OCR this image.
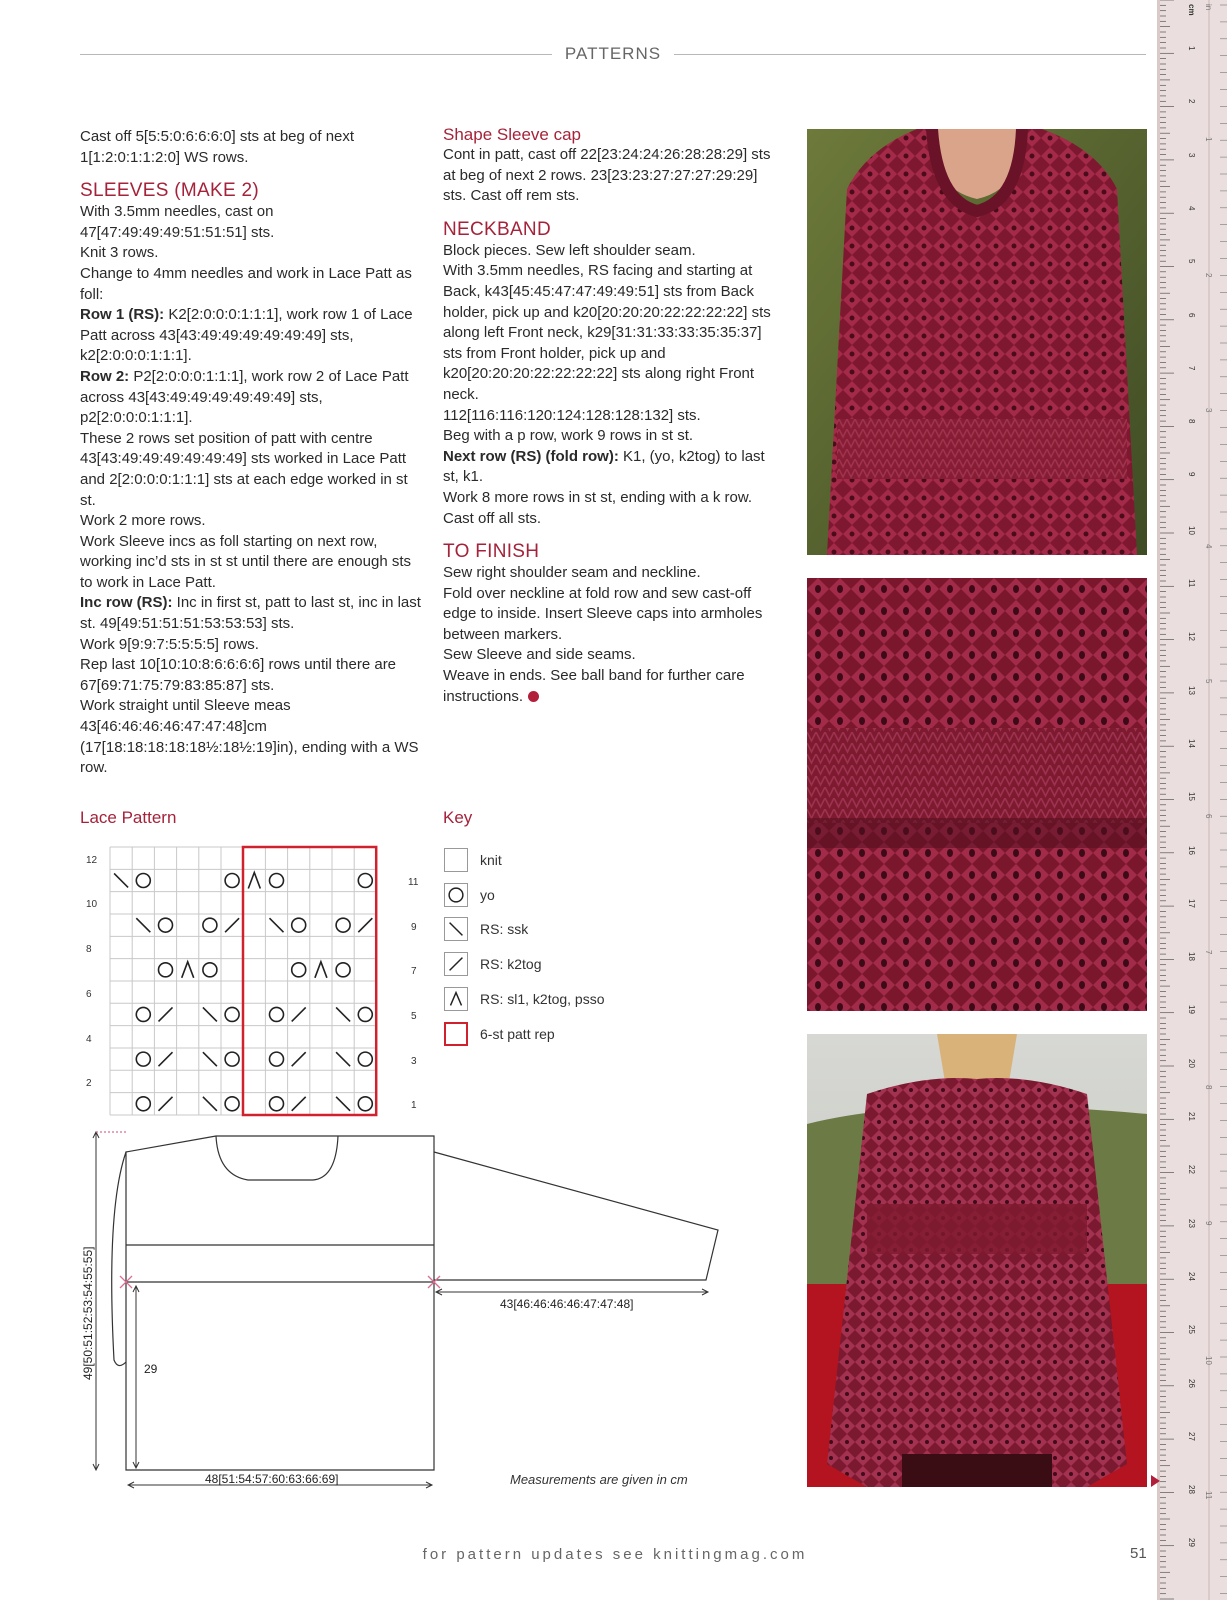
PATTERNS

Cast off 5[5:5:0:6:6:6:0] sts at beg of next 1[1:2:0:1:1:2:0] WS rows.

SLEEVES (MAKE 2)

With 3.5mm needles, cast on 47[47:49:49:49:51:51:51] sts.

Knit 3 rows.

Change to 4mm needles and work in Lace Patt as foll:

Row 1 (RS): K2[2:0:0:0:1:1:1], work row 1 of Lace Patt across 43[43:49:49:49:49:49:49] sts, k2[2:0:0:0:1:1:1].

Row 2: P2[2:0:0:0:1:1:1], work row 2 of Lace Patt across 43[43:49:49:49:49:49:49] sts, p2[2:0:0:0:1:1:1].

These 2 rows set position of patt with centre 43[43:49:49:49:49:49:49] sts worked in Lace Patt and 2[2:0:0:0:1:1:1] sts at each edge worked in st st.

Work 2 more rows.

Work Sleeve incs as foll starting on next row, working inc’d sts in st st until there are enough sts to work in Lace Patt.

Inc row (RS): Inc in first st, patt to last st, inc in last st. 49[49:51:51:51:53:53:53] sts.

Work 9[9:9:7:5:5:5:5] rows.

Rep last 10[10:10:8:6:6:6:6] rows until there are 67[69:71:75:79:83:85:87] sts.

Work straight until Sleeve meas 43[46:46:46:46:47:47:48]cm (17[18:18:18:18:18½:18½:19]in), ending with a WS row.

Shape Sleeve cap

Cont in patt, cast off 22[23:24:24:26:28:28:29] sts at beg of next 2 rows. 23[23:23:27:27:27:29:29] sts. Cast off rem sts.

NECKBAND

Block pieces. Sew left shoulder seam.

With 3.5mm needles, RS facing and starting at Back, k43[45:45:47:47:49:49:51] sts from Back holder, pick up and k20[20:20:20:22:22:22:22] sts along left Front neck, k29[31:31:33:33:35:35:37] sts from Front holder, pick up and k20[20:20:20:22:22:22:22] sts along right Front neck.

112[116:116:120:124:128:128:132] sts.

Beg with a p row, work 9 rows in st st.

Next row (RS) (fold row): K1, (yo, k2tog) to last st, k1.

Work 8 more rows in st st, ending with a k row.

Cast off all sts.

TO FINISH

Sew right shoulder seam and neckline.

Fold over neckline at fold row and sew cast-off edge to inside. Insert Sleeve caps into armholes between markers.

Sew Sleeve and side seams.

Weave in ends. See ball band for further care instructions.

Lace Pattern
12
10
8
6
4
2
11
9
7
5
3
1
Key
knit
yo
RS: ssk
RS: k2tog
RS: sl1, k2tog, psso
6-st patt rep
49[50:51:52:53:54:55:55]	43[46:46:46:46:47:47:48]
29
48[51:54:57:60:63:66:69]	Measurements are given in cm
cm in
1
2
3
4
5
6
7
8
9
10
11
12
13
14
15
16
17
18
19
20
21
22
23
24
25
26
27
28
29
1
2
3
4
5
6
7
8
9
10
11
for pattern updates see knittingmag.com	51
